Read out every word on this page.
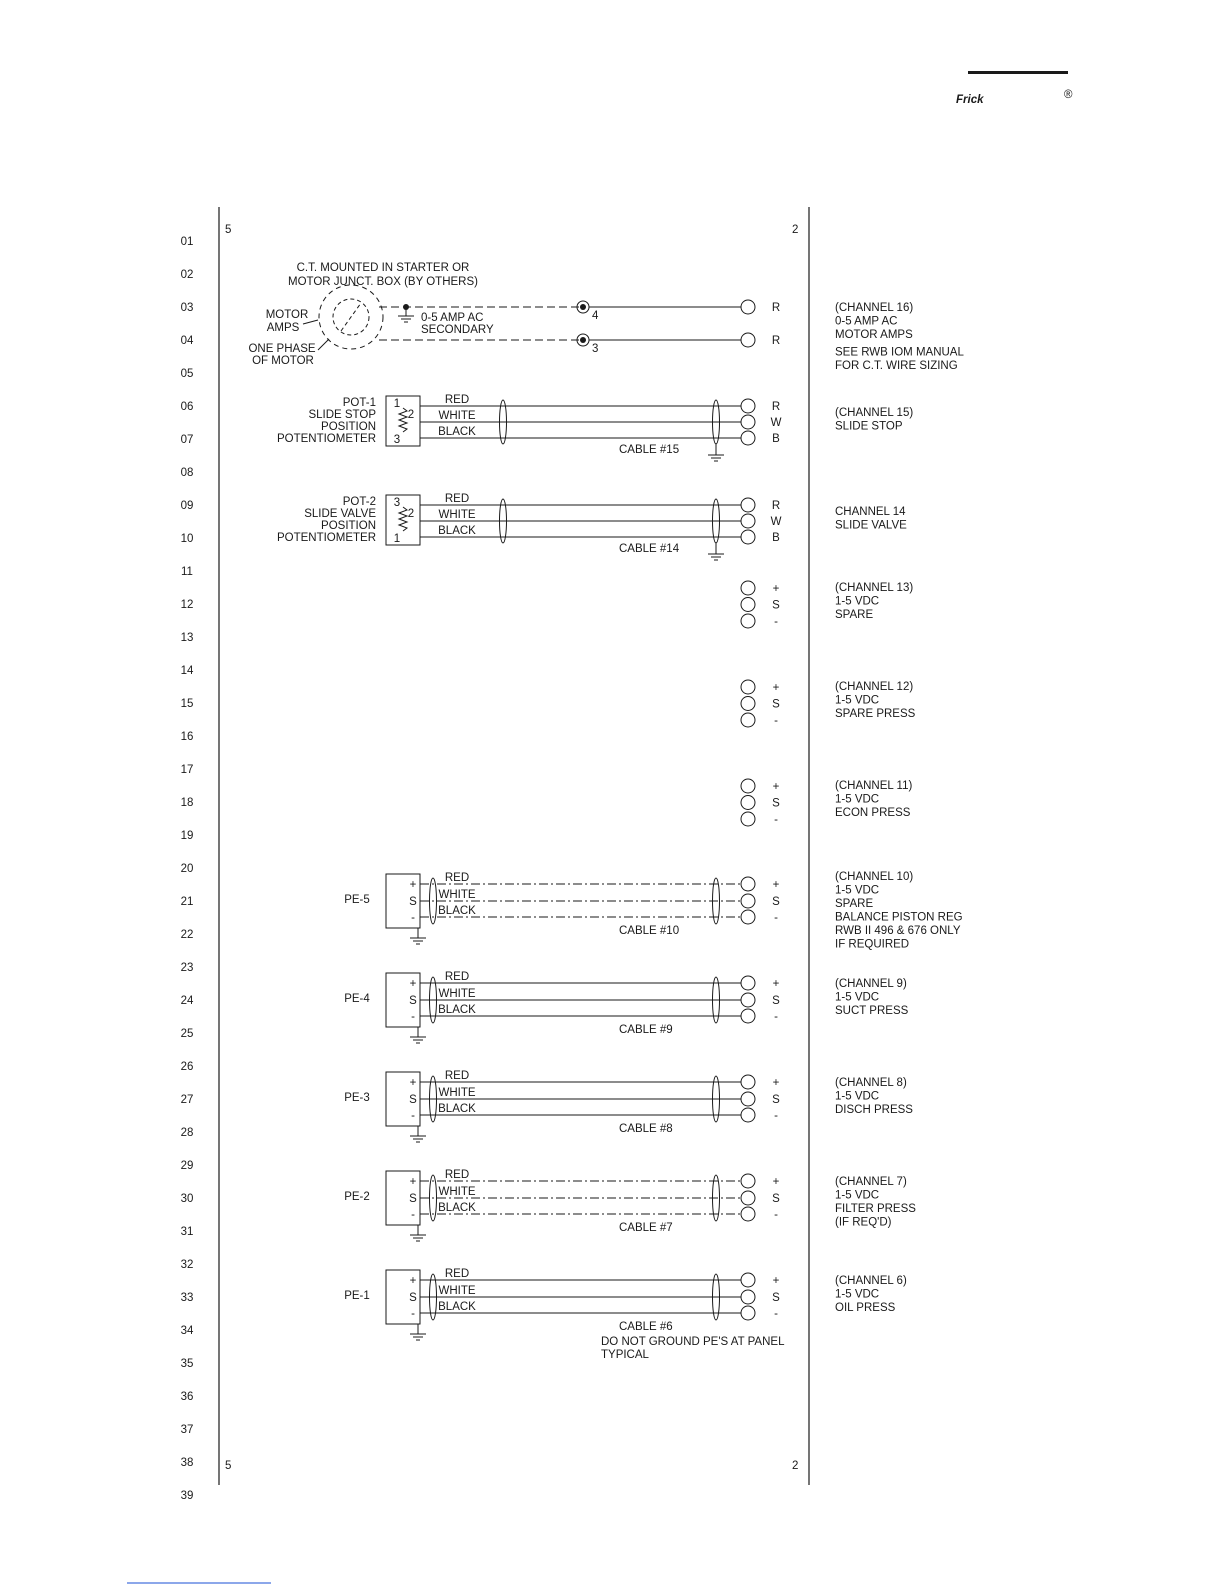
Frick	®
5	2
5	2
01
02
03
04
05
06
07
08
09
10
11
12
13
14
15
16
17
18
19
20
21
22
23
24
25
26
27
28
29
30
31
32
33
34
35
36
37
38
39
C.T. MOUNTED IN STARTER OR
MOTOR JUNCT. BOX (BY OTHERS)
MOTOR
AMPS
ONE PHASE
OF MOTOR
0-5 AMP AC
SECONDARY
4
3
R
R
POT-1
SLIDE STOP
POSITION
POTENTIOMETER
1
2
3
RED
R
WHITE
W
BLACK
B
CABLE #15
POT-2
SLIDE VALVE
POSITION
POTENTIOMETER
3
2
1
RED
R
WHITE
W
BLACK
B
CABLE #14
+
S
-
+
S
-
+
S
-
PE-5
+
RED
+
S
WHITE
S
-
BLACK
-
CABLE #10
PE-4
+
RED
+
S
WHITE
S
-
BLACK
-
CABLE #9
PE-3
+
RED
+
S
WHITE
S
-
BLACK
-
CABLE #8
PE-2
+
RED
+
S
WHITE
S
-
BLACK
-
CABLE #7
PE-1
+
RED
+
S
WHITE
S
-
BLACK
-
CABLE #6
(CHANNEL 16)
0-5 AMP AC
MOTOR AMPS
SEE RWB IOM MANUAL
FOR C.T. WIRE SIZING
(CHANNEL 15)
SLIDE STOP
CHANNEL 14
SLIDE VALVE
(CHANNEL 13)
1-5 VDC
SPARE
(CHANNEL 12)
1-5 VDC
SPARE PRESS
(CHANNEL 11)
1-5 VDC
ECON PRESS
(CHANNEL 10)
1-5 VDC
SPARE
BALANCE PISTON REG
RWB II 496 & 676 ONLY
IF REQUIRED
(CHANNEL 9)
1-5 VDC
SUCT PRESS
(CHANNEL 8)
1-5 VDC
DISCH PRESS
(CHANNEL 7)
1-5 VDC
FILTER PRESS
(IF REQ'D)
(CHANNEL 6)
1-5 VDC
OIL PRESS
DO NOT GROUND PE'S AT PANEL
TYPICAL
